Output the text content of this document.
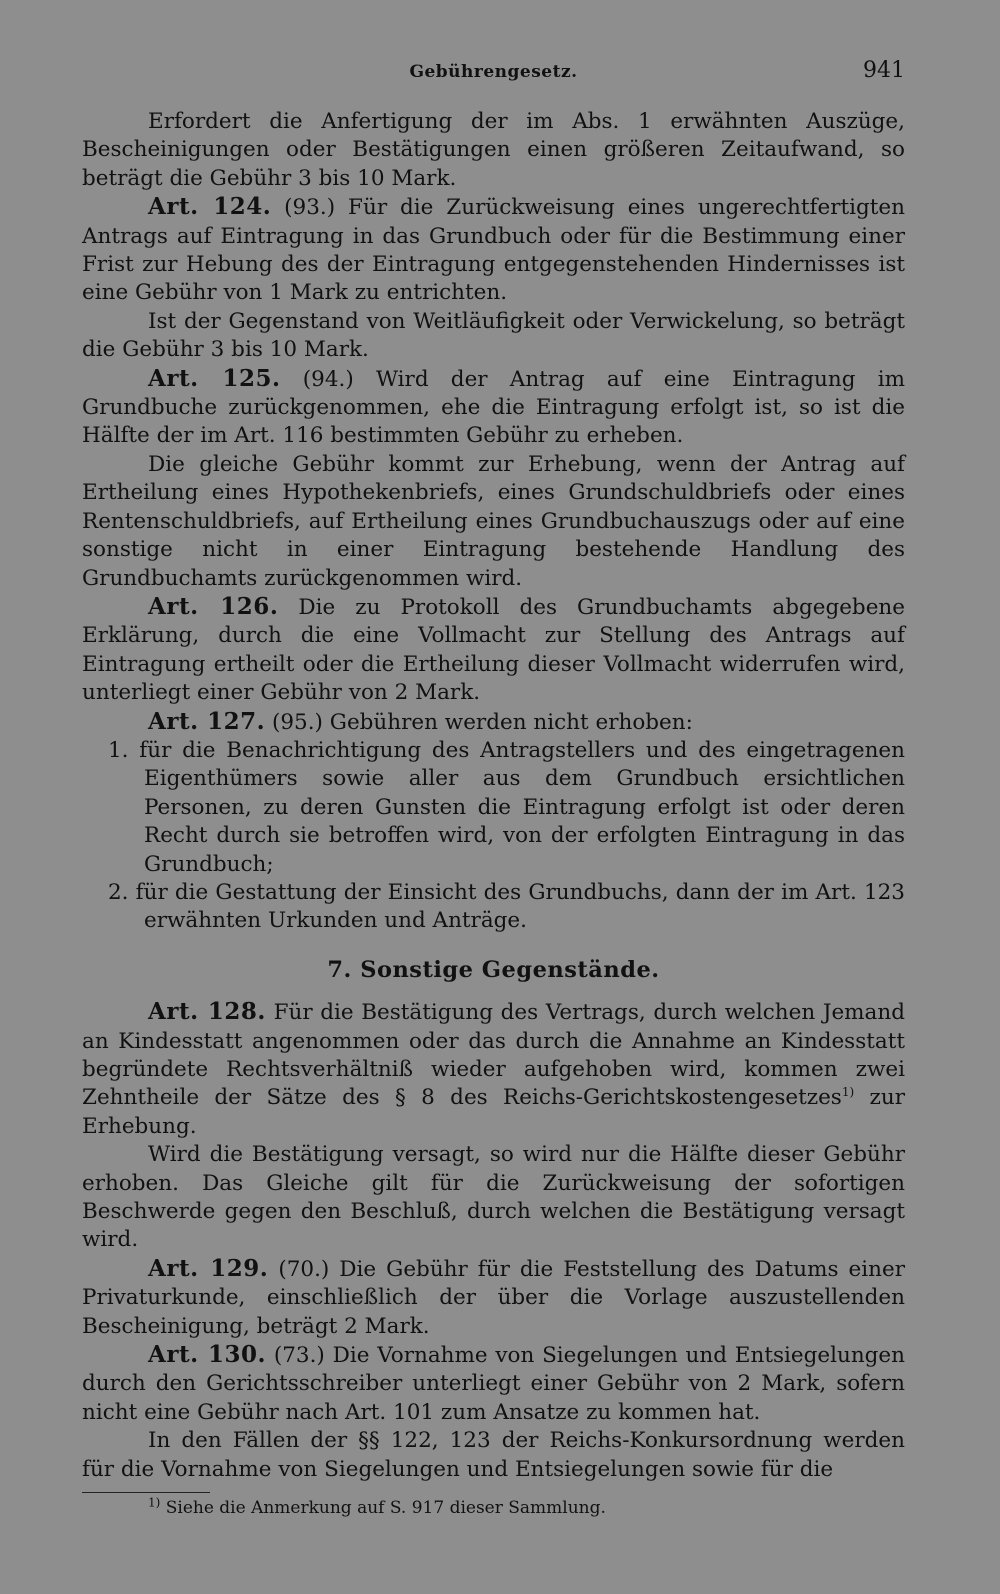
Gebührengesetz.	941

Erfordert die Anfertigung der im Abs. 1 erwähnten Auszüge, Bescheinigungen oder Bestätigungen einen größeren Zeitaufwand, so beträgt die Gebühr 3 bis 10 Mark.

Art. 124. (93.) Für die Zurückweisung eines ungerechtfertigten Antrags auf Eintragung in das Grundbuch oder für die Bestimmung einer Frist zur Hebung des der Eintragung entgegenstehenden Hindernisses ist eine Gebühr von 1 Mark zu entrichten.

Ist der Gegenstand von Weitläufigkeit oder Verwickelung, so beträgt die Gebühr 3 bis 10 Mark.

Art. 125. (94.) Wird der Antrag auf eine Eintragung im Grundbuche zurückgenommen, ehe die Eintragung erfolgt ist, so ist die Hälfte der im Art. 116 bestimmten Gebühr zu erheben.

Die gleiche Gebühr kommt zur Erhebung, wenn der Antrag auf Ertheilung eines Hypothekenbriefs, eines Grundschuldbriefs oder eines Rentenschuldbriefs, auf Ertheilung eines Grundbuchauszugs oder auf eine sonstige nicht in einer Eintragung bestehende Handlung des Grundbuchamts zurückgenommen wird.

Art. 126. Die zu Protokoll des Grundbuchamts abgegebene Erklärung, durch die eine Vollmacht zur Stellung des Antrags auf Eintragung ertheilt oder die Ertheilung dieser Vollmacht widerrufen wird, unterliegt einer Gebühr von 2 Mark.

Art. 127. (95.) Gebühren werden nicht erhoben:

1. für die Benachrichtigung des Antragstellers und des eingetragenen Eigenthümers sowie aller aus dem Grundbuch ersichtlichen Personen, zu deren Gunsten die Eintragung erfolgt ist oder deren Recht durch sie betroffen wird, von der erfolgten Eintragung in das Grundbuch;

2. für die Gestattung der Einsicht des Grundbuchs, dann der im Art. 123 erwähnten Urkunden und Anträge.

7. Sonstige Gegenstände.

Art. 128. Für die Bestätigung des Vertrags, durch welchen Jemand an Kindesstatt angenommen oder das durch die Annahme an Kindesstatt begründete Rechtsverhältniß wieder aufgehoben wird, kommen zwei Zehntheile der Sätze des § 8 des Reichs-Gerichtskostengesetzes$^{1)}$ zur Erhebung.

Wird die Bestätigung versagt, so wird nur die Hälfte dieser Gebühr erhoben. Das Gleiche gilt für die Zurückweisung der sofortigen Beschwerde gegen den Beschluß, durch welchen die Bestätigung versagt wird.

Art. 129. (70.) Die Gebühr für die Feststellung des Datums einer Privaturkunde, einschließlich der über die Vorlage auszustellenden Bescheinigung, beträgt 2 Mark.

Art. 130. (73.) Die Vornahme von Siegelungen und Entsiegelungen durch den Gerichtsschreiber unterliegt einer Gebühr von 2 Mark, sofern nicht eine Gebühr nach Art. 101 zum Ansatze zu kommen hat.

In den Fällen der §§ 122, 123 der Reichs-Konkursordnung werden für die Vornahme von Siegelungen und Entsiegelungen sowie für die

$^{1)}$ Siehe die Anmerkung auf S. 917 dieser Sammlung.
